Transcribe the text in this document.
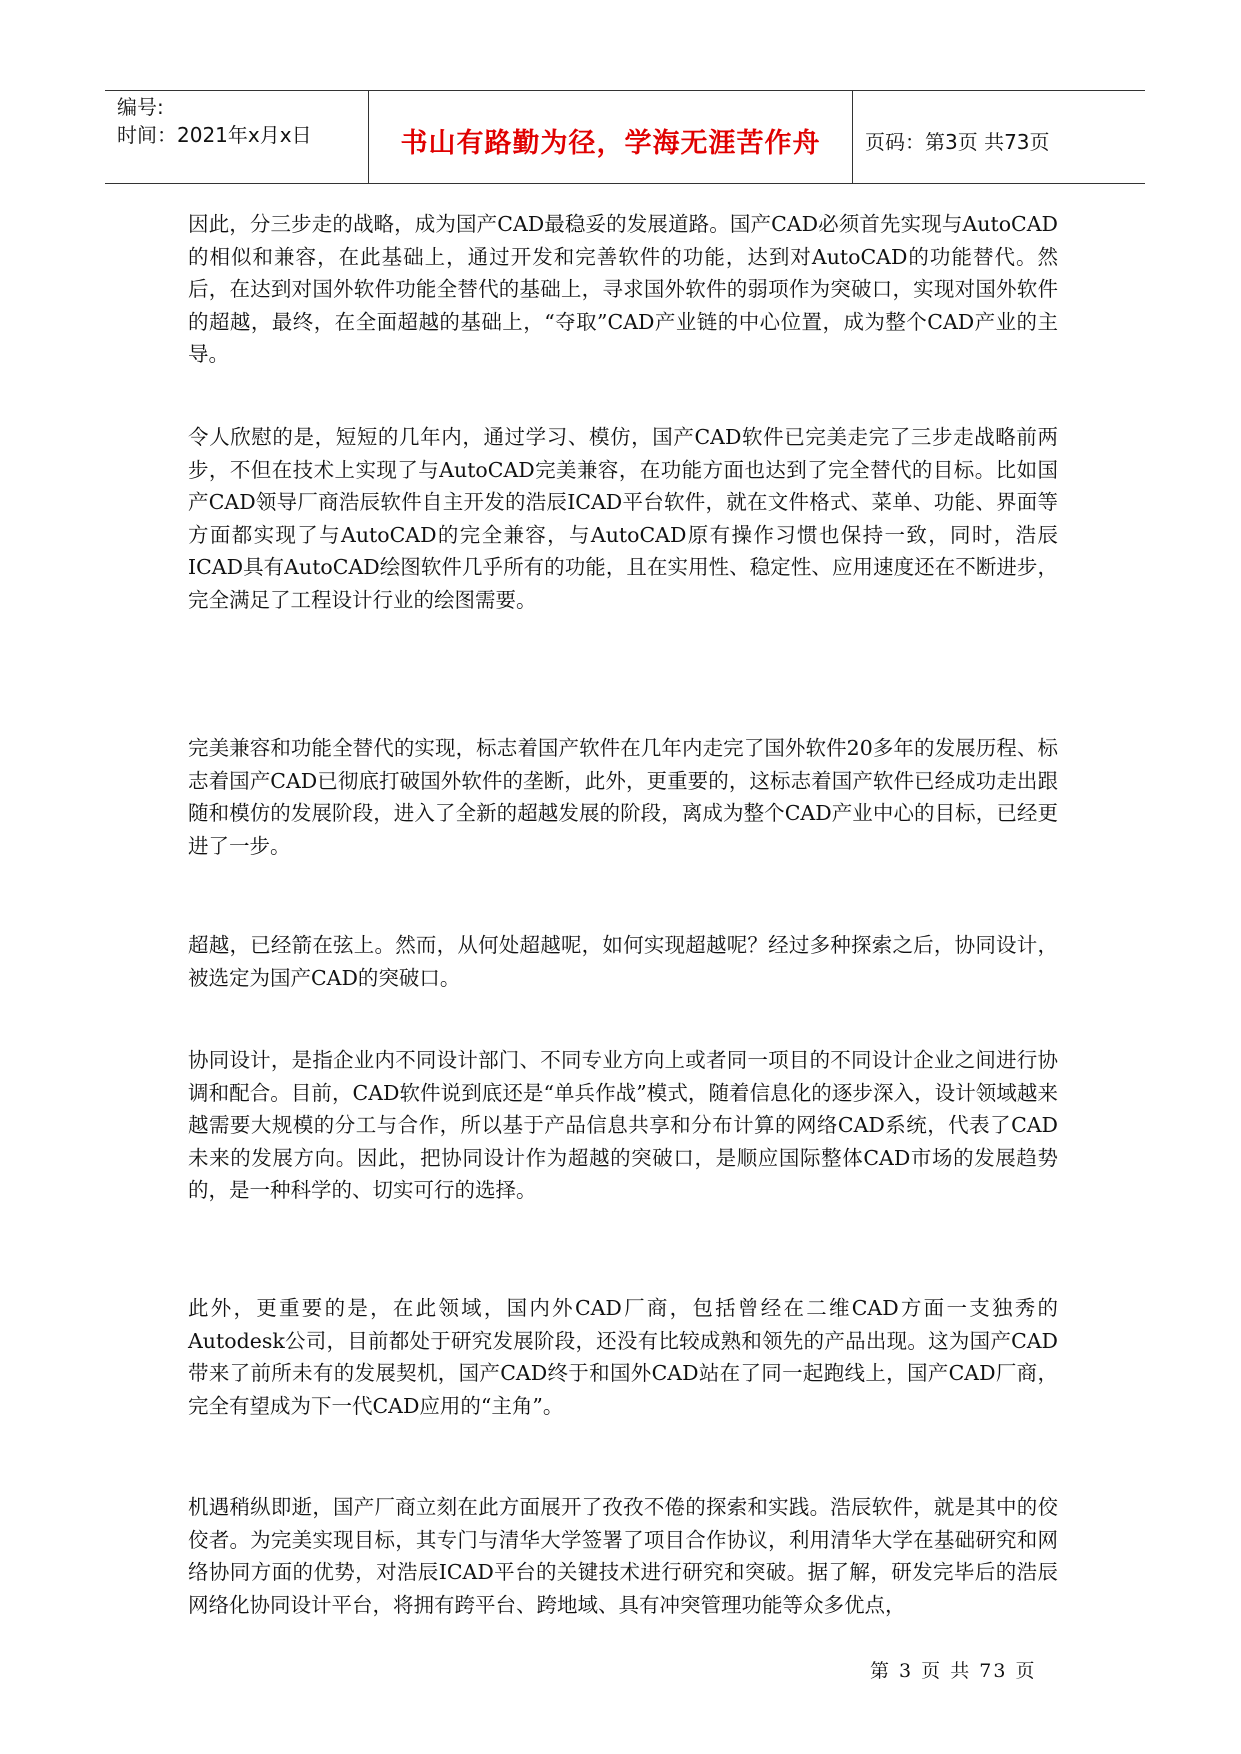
编号:
时间：2021年x月x日	书山有路勤为径，学海无涯苦作舟 页码：第3页 共73页

因此，分三步走的战略，成为国产CAD最稳妥的发展道路。国产CAD必须首先实现与AutoCAD的相似和兼容，在此基础上，通过开发和完善软件的功能，达到对AutoCAD的功能替代。然后，在达到对国外软件功能全替代的基础上，寻求国外软件的弱项作为突破口，实现对国外软件的超越，最终，在全面超越的基础上，“夺取”CAD产业链的中心位置，成为整个CAD产业的主导。

令人欣慰的是，短短的几年内，通过学习、模仿，国产CAD软件已完美走完了三步走战略前两步，不但在技术上实现了与AutoCAD完美兼容，在功能方面也达到了完全替代的目标。比如国产CAD领导厂商浩辰软件自主开发的浩辰ICAD平台软件，就在文件格式、菜单、功能、界面等方面都实现了与AutoCAD的完全兼容，与AutoCAD原有操作习惯也保持一致，同时，浩辰ICAD具有AutoCAD绘图软件几乎所有的功能，且在实用性、稳定性、应用速度还在不断进步，完全满足了工程设计行业的绘图需要。

完美兼容和功能全替代的实现，标志着国产软件在几年内走完了国外软件20多年的发展历程、标志着国产CAD已彻底打破国外软件的垄断，此外，更重要的，这标志着国产软件已经成功走出跟随和模仿的发展阶段，进入了全新的超越发展的阶段，离成为整个CAD产业中心的目标，已经更进了一步。

超越，已经箭在弦上。然而，从何处超越呢，如何实现超越呢？经过多种探索之后，协同设计，被选定为国产CAD的突破口。

协同设计，是指企业内不同设计部门、不同专业方向上或者同一项目的不同设计企业之间进行协调和配合。目前，CAD软件说到底还是“单兵作战”模式，随着信息化的逐步深入，设计领域越来越需要大规模的分工与合作，所以基于产品信息共享和分布计算的网络CAD系统，代表了CAD未来的发展方向。因此，把协同设计作为超越的突破口，是顺应国际整体CAD市场的发展趋势的，是一种科学的、切实可行的选择。

此外，更重要的是，在此领域，国内外CAD厂商，包括曾经在二维CAD方面一支独秀的Autodesk公司，目前都处于研究发展阶段，还没有比较成熟和领先的产品出现。这为国产CAD带来了前所未有的发展契机，国产CAD终于和国外CAD站在了同一起跑线上，国产CAD厂商，完全有望成为下一代CAD应用的“主角”。

机遇稍纵即逝，国产厂商立刻在此方面展开了孜孜不倦的探索和实践。浩辰软件，就是其中的佼佼者。为完美实现目标，其专门与清华大学签署了项目合作协议，利用清华大学在基础研究和网络协同方面的优势，对浩辰ICAD平台的关键技术进行研究和突破。据了解，研发完毕后的浩辰网络化协同设计平台，将拥有跨平台、跨地域、具有冲突管理功能等众多优点，

第 3 页 共 73 页
